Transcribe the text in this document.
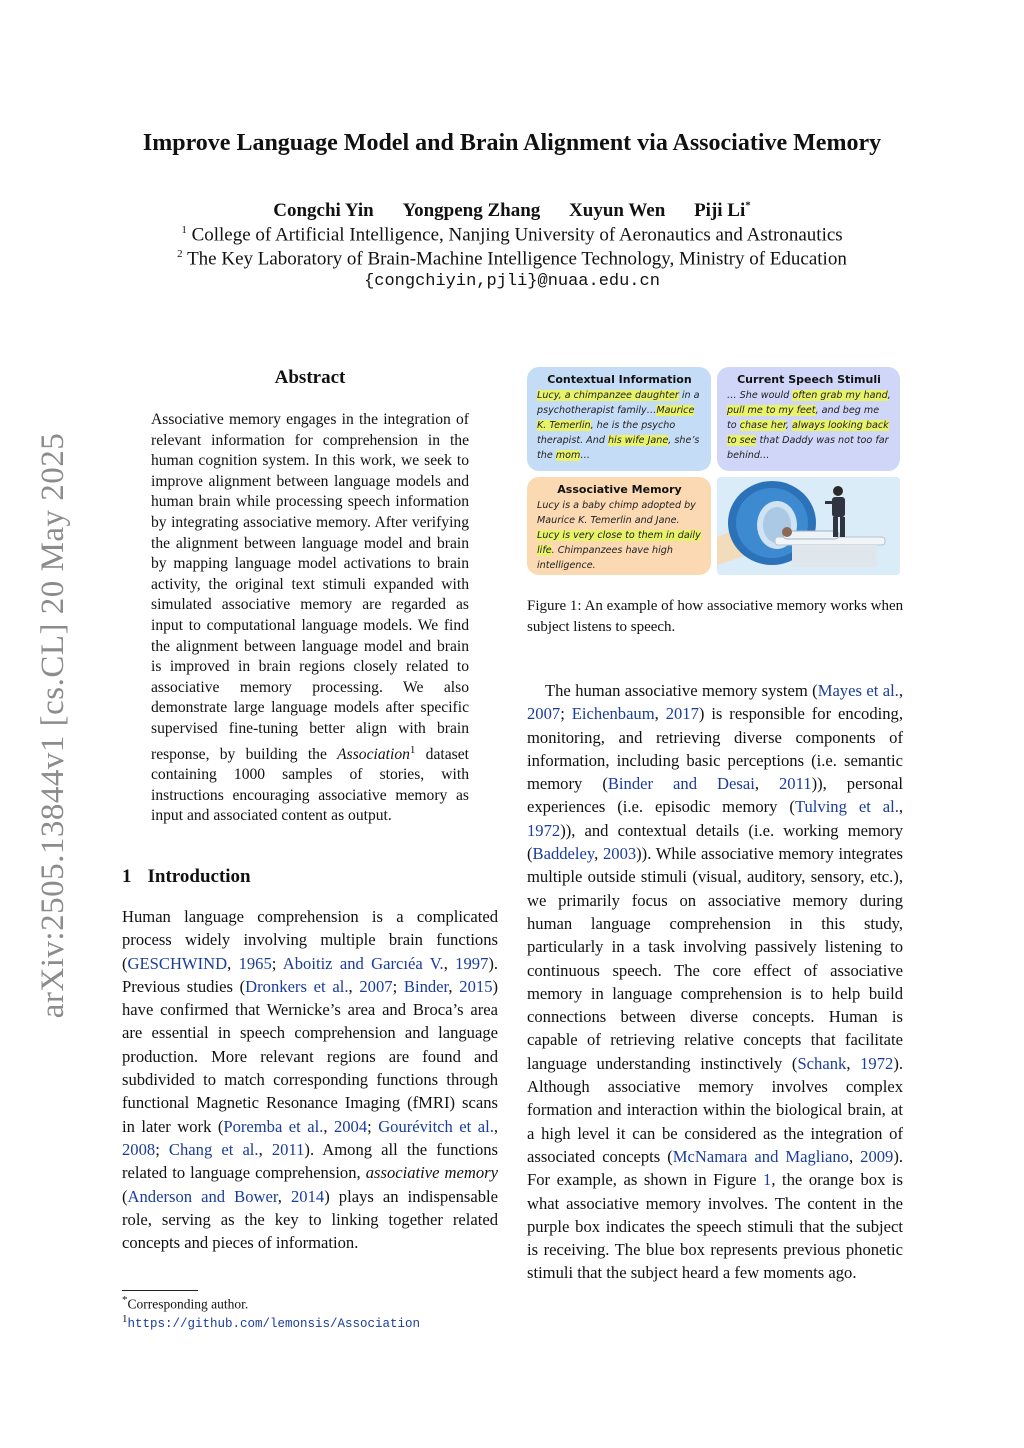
arXiv:2505.13844v1 [cs.CL] 20 May 2025
Improve Language Model and Brain Alignment via Associative Memory
Congchi Yin Yongpeng Zhang Xuyun Wen Piji Li*
$^1$ College of Artificial Intelligence, Nanjing University of Aeronautics and Astronautics
$^2$ The Key Laboratory of Brain-Machine Intelligence Technology, Ministry of Education
{congchiyin,pjli}@nuaa.edu.cn
Abstract
Associative memory engages in the integration of relevant information for comprehension in the human cognition system. In this work, we seek to improve alignment between language models and human brain while processing speech information by integrating associative memory. After verifying the alignment between language model and brain by mapping language model activations to brain activity, the original text stimuli expanded with simulated associative memory are regarded as input to computational language models. We find the alignment between language model and brain is improved in brain regions closely related to associative memory processing. We also demonstrate large language models after specific supervised fine-tuning better align with brain response, by building the Association$^1$ dataset containing 1000 samples of stories, with instructions encouraging associative memory as input and associated content as output.
1 Introduction
Human language comprehension is a complicated process widely involving multiple brain functions (GESCHWIND, 1965; Aboitiz and Garcıéa V., 1997). Previous studies (Dronkers et al., 2007; Binder, 2015) have confirmed that Wernicke’s area and Broca’s area are essential in speech comprehension and language production. More relevant regions are found and subdivided to match corresponding functions through functional Magnetic Resonance Imaging (fMRI) scans in later work (Poremba et al., 2004; Gourévitch et al., 2008; Chang et al., 2011). Among all the functions related to language comprehension, associative memory (Anderson and Bower, 2014) plays an indispensable role, serving as the key to linking together related concepts and pieces of information.
Contextual Information
Lucy, a chimpanzee daughter in a psychotherapist family…Maurice K. Temerlin, he is the psycho therapist. And his wife Jane, she’s the mom…
Current Speech Stimuli
… She would often grab my hand, pull me to my feet, and beg me to chase her, always looking back to see that Daddy was not too far behind…
Associative Memory
Lucy is a baby chimp adopted by Maurice K. Temerlin and Jane. Lucy is very close to them in daily life. Chimpanzees have high intelligence.
Figure 1: An example of how associative memory works when subject listens to speech.
The human associative memory system (Mayes et al., 2007; Eichenbaum, 2017) is responsible for encoding, monitoring, and retrieving diverse components of information, including basic perceptions (i.e. semantic memory (Binder and Desai, 2011)), personal experiences (i.e. episodic memory (Tulving et al., 1972)), and contextual details (i.e. working memory (Baddeley, 2003)). While associative memory integrates multiple outside stimuli (visual, auditory, sensory, etc.), we primarily focus on associative memory during human language comprehension in this study, particularly in a task involving passively listening to continuous speech. The core effect of associative memory in language comprehension is to help build connections between diverse concepts. Human is capable of retrieving relative concepts that facilitate language understanding instinctively (Schank, 1972). Although associative memory involves complex formation and interaction within the biological brain, at a high level it can be considered as the integration of associated concepts (McNamara and Magliano, 2009). For example, as shown in Figure 1, the orange box is what associative memory involves. The content in the purple box indicates the speech stimuli that the subject is receiving. The blue box represents previous phonetic stimuli that the subject heard a few moments ago.
*Corresponding author.
$^1$https://github.com/lemonsis/Association
